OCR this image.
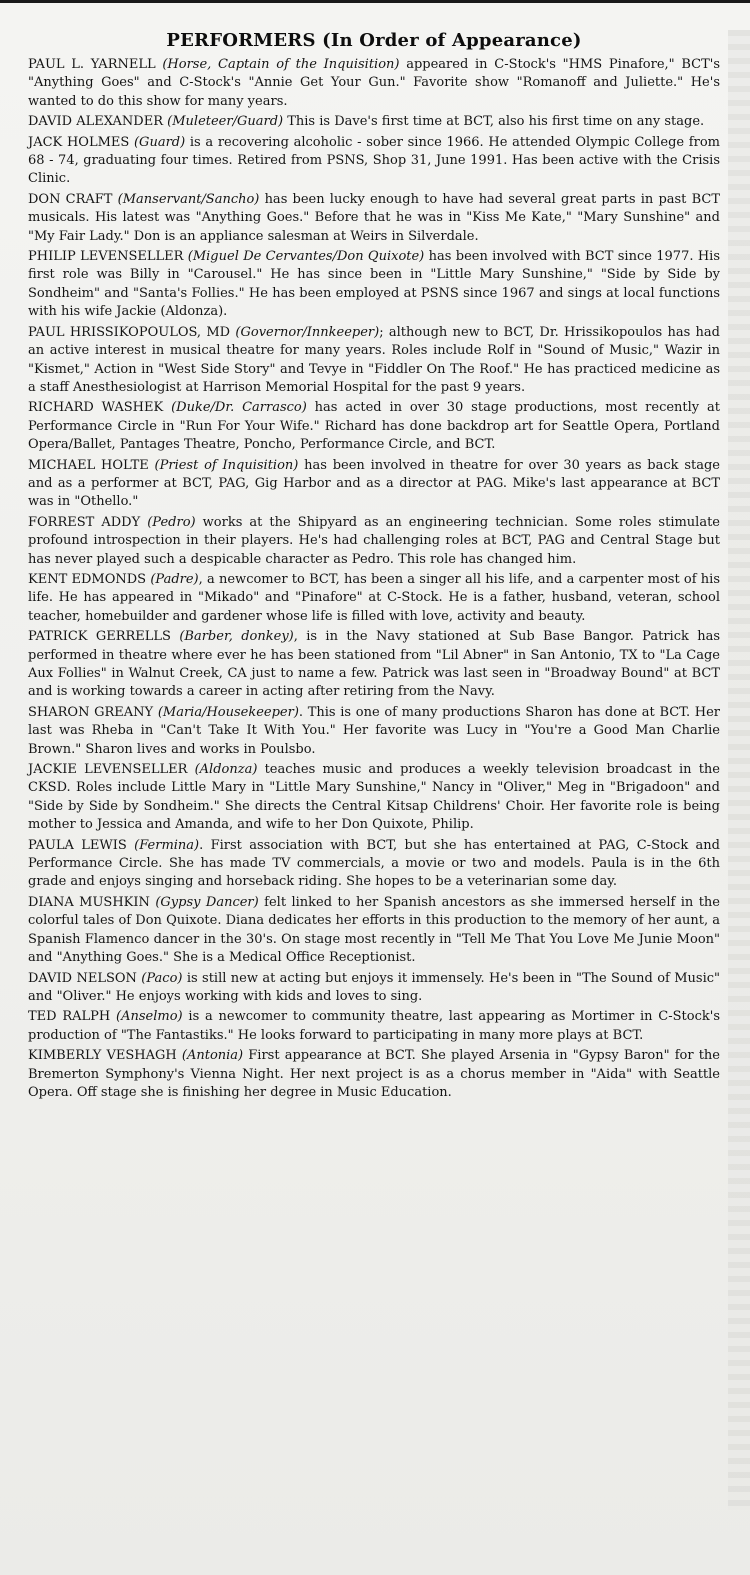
PERFORMERS (In Order of Appearance)

PAUL L. YARNELL (Horse, Captain of the Inquisition) appeared in C-Stock's "HMS Pinafore," BCT's "Anything Goes" and C-Stock's "Annie Get Your Gun." Favorite show "Romanoff and Juliette." He's wanted to do this show for many years.

DAVID ALEXANDER (Muleteer/Guard) This is Dave's first time at BCT, also his first time on any stage.

JACK HOLMES (Guard) is a recovering alcoholic - sober since 1966. He attended Olympic College from 68 - 74, graduating four times. Retired from PSNS, Shop 31, June 1991. Has been active with the Crisis Clinic.

DON CRAFT (Manservant/Sancho) has been lucky enough to have had several great parts in past BCT musicals. His latest was "Anything Goes." Before that he was in "Kiss Me Kate," "Mary Sunshine" and "My Fair Lady." Don is an appliance salesman at Weirs in Silverdale.

PHILIP LEVENSELLER (Miguel De Cervantes/Don Quixote) has been involved with BCT since 1977. His first role was Billy in "Carousel." He has since been in "Little Mary Sunshine," "Side by Side by Sondheim" and "Santa's Follies." He has been employed at PSNS since 1967 and sings at local functions with his wife Jackie (Aldonza).

PAUL HRISSIKOPOULOS, MD (Governor/Innkeeper); although new to BCT, Dr. Hrissikopoulos has had an active interest in musical theatre for many years. Roles include Rolf in "Sound of Music," Wazir in "Kismet," Action in "West Side Story" and Tevye in "Fiddler On The Roof." He has practiced medicine as a staff Anesthesiologist at Harrison Memorial Hospital for the past 9 years.

RICHARD WASHEK (Duke/Dr. Carrasco) has acted in over 30 stage productions, most recently at Performance Circle in "Run For Your Wife." Richard has done backdrop art for Seattle Opera, Portland Opera/Ballet, Pantages Theatre, Poncho, Performance Circle, and BCT.

MICHAEL HOLTE (Priest of Inquisition) has been involved in theatre for over 30 years as back stage and as a performer at BCT, PAG, Gig Harbor and as a director at PAG. Mike's last appearance at BCT was in "Othello."

FORREST ADDY (Pedro) works at the Shipyard as an engineering technician. Some roles stimulate profound introspection in their players. He's had challenging roles at BCT, PAG and Central Stage but has never played such a despicable character as Pedro. This role has changed him.

KENT EDMONDS (Padre), a newcomer to BCT, has been a singer all his life, and a carpenter most of his life. He has appeared in "Mikado" and "Pinafore" at C-Stock. He is a father, husband, veteran, school teacher, homebuilder and gardener whose life is filled with love, activity and beauty.

PATRICK GERRELLS (Barber, donkey), is in the Navy stationed at Sub Base Bangor. Patrick has performed in theatre where ever he has been stationed from "Lil Abner" in San Antonio, TX to "La Cage Aux Follies" in Walnut Creek, CA just to name a few. Patrick was last seen in "Broadway Bound" at BCT and is working towards a career in acting after retiring from the Navy.

SHARON GREANY (Maria/Housekeeper). This is one of many productions Sharon has done at BCT. Her last was Rheba in "Can't Take It With You." Her favorite was Lucy in "You're a Good Man Charlie Brown." Sharon lives and works in Poulsbo.

JACKIE LEVENSELLER (Aldonza) teaches music and produces a weekly television broadcast in the CKSD. Roles include Little Mary in "Little Mary Sunshine," Nancy in "Oliver," Meg in "Brigadoon" and "Side by Side by Sondheim." She directs the Central Kitsap Childrens' Choir. Her favorite role is being mother to Jessica and Amanda, and wife to her Don Quixote, Philip.

PAULA LEWIS (Fermina). First association with BCT, but she has entertained at PAG, C-Stock and Performance Circle. She has made TV commercials, a movie or two and models. Paula is in the 6th grade and enjoys singing and horseback riding. She hopes to be a veterinarian some day.

DIANA MUSHKIN (Gypsy Dancer) felt linked to her Spanish ancestors as she immersed herself in the colorful tales of Don Quixote. Diana dedicates her efforts in this production to the memory of her aunt, a Spanish Flamenco dancer in the 30's. On stage most recently in "Tell Me That You Love Me Junie Moon" and "Anything Goes." She is a Medical Office Receptionist.

DAVID NELSON (Paco) is still new at acting but enjoys it immensely. He's been in "The Sound of Music" and "Oliver." He enjoys working with kids and loves to sing.

TED RALPH (Anselmo) is a newcomer to community theatre, last appearing as Mortimer in C-Stock's production of "The Fantastiks." He looks forward to participating in many more plays at BCT.

KIMBERLY VESHAGH (Antonia) First appearance at BCT. She played Arsenia in "Gypsy Baron" for the Bremerton Symphony's Vienna Night. Her next project is as a chorus member in "Aida" with Seattle Opera. Off stage she is finishing her degree in Music Education.
